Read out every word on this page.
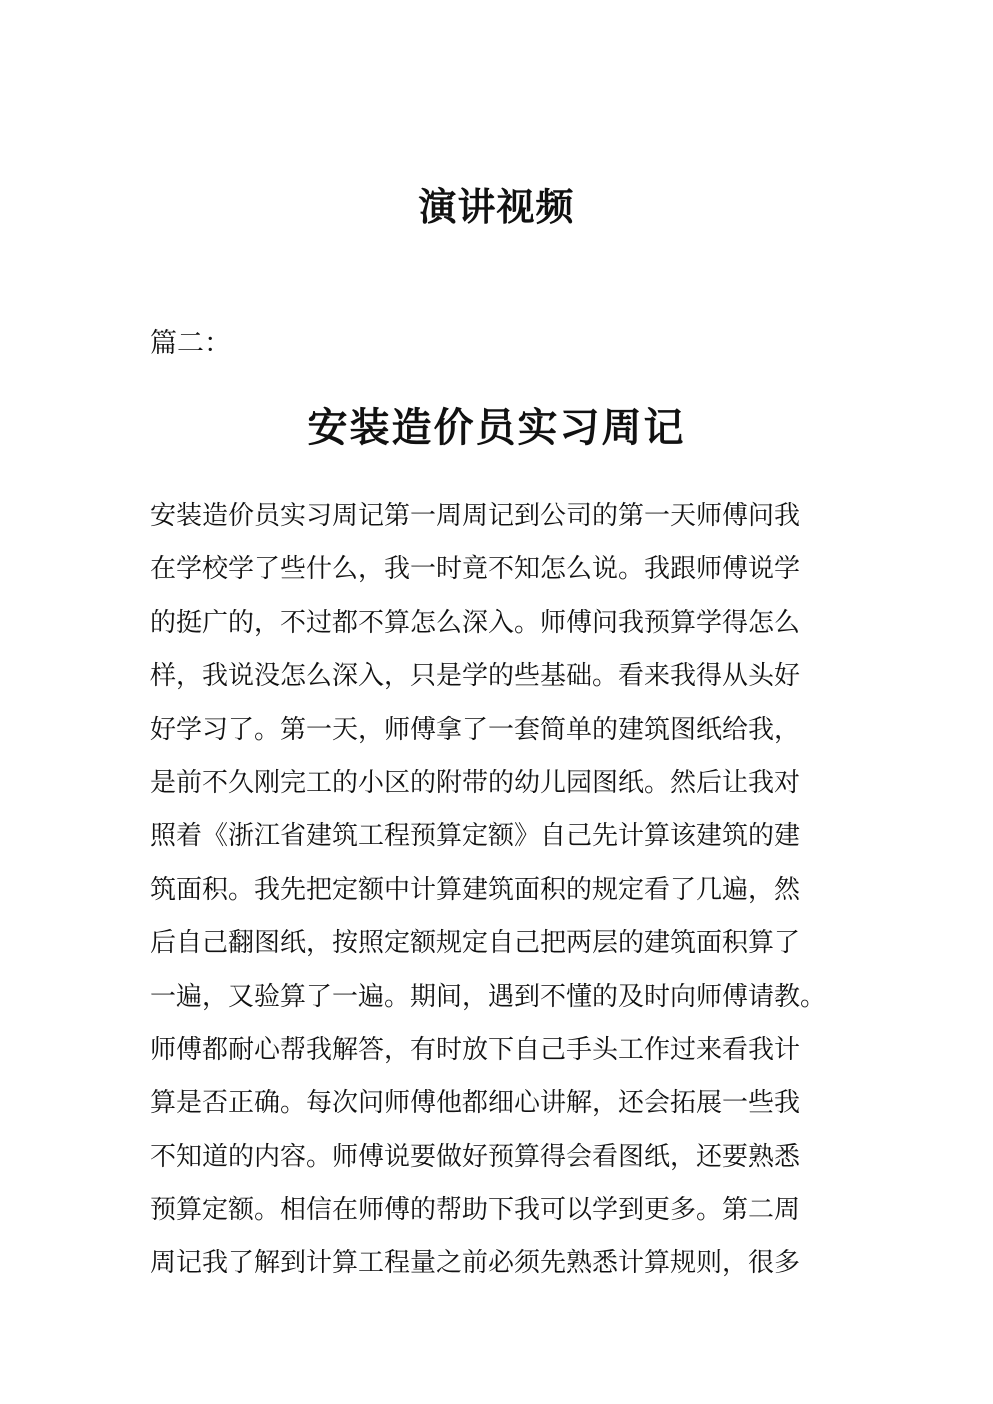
演讲视频

篇二：

安装造价员实习周记
安装造价员实习周记第一周周记到公司的第一天师傅问我
在学校学了些什么，我一时竟不知怎么说。我跟师傅说学
的挺广的，不过都不算怎么深入。师傅问我预算学得怎么
样，我说没怎么深入，只是学的些基础。看来我得从头好
好学习了。第一天，师傅拿了一套简单的建筑图纸给我，
是前不久刚完工的小区的附带的幼儿园图纸。然后让我对
照着《浙江省建筑工程预算定额》自己先计算该建筑的建
筑面积。我先把定额中计算建筑面积的规定看了几遍，然
后自己翻图纸，按照定额规定自己把两层的建筑面积算了
一遍，又验算了一遍。期间，遇到不懂的及时向师傅请教。
师傅都耐心帮我解答，有时放下自己手头工作过来看我计
算是否正确。每次问师傅他都细心讲解，还会拓展一些我
不知道的内容。师傅说要做好预算得会看图纸，还要熟悉
预算定额。相信在师傅的帮助下我可以学到更多。第二周
周记我了解到计算工程量之前必须先熟悉计算规则，很多
